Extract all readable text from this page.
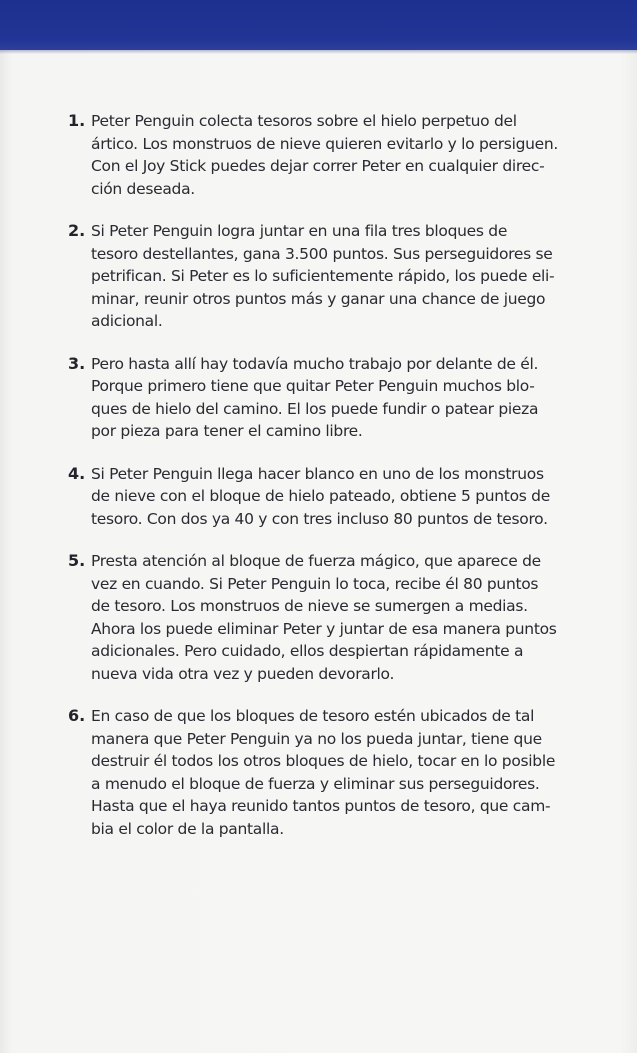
1. Peter Penguin colecta tesoros sobre el hielo perpetuo del
ártico. Los monstruos de nieve quieren evitarlo y lo persiguen.
Con el Joy Stick puedes dejar correr Peter en cualquier direc-
ción deseada.
2. Si Peter Penguin logra juntar en una fila tres bloques de
tesoro destellantes, gana 3.500 puntos. Sus perseguidores se
petrifican. Si Peter es lo suficientemente rápido, los puede eli-
minar, reunir otros puntos más y ganar una chance de juego
adicional.
3. Pero hasta allí hay todavía mucho trabajo por delante de él.
Porque primero tiene que quitar Peter Penguin muchos blo-
ques de hielo del camino. El los puede fundir o patear pieza
por pieza para tener el camino libre.
4. Si Peter Penguin llega hacer blanco en uno de los monstruos
de nieve con el bloque de hielo pateado, obtiene 5 puntos de
tesoro. Con dos ya 40 y con tres incluso 80 puntos de tesoro.
5. Presta atención al bloque de fuerza mágico, que aparece de
vez en cuando. Si Peter Penguin lo toca, recibe él 80 puntos
de tesoro. Los monstruos de nieve se sumergen a medias.
Ahora los puede eliminar Peter y juntar de esa manera puntos
adicionales. Pero cuidado, ellos despiertan rápidamente a
nueva vida otra vez y pueden devorarlo.
6. En caso de que los bloques de tesoro estén ubicados de tal
manera que Peter Penguin ya no los pueda juntar, tiene que
destruir él todos los otros bloques de hielo, tocar en lo posible
a menudo el bloque de fuerza y eliminar sus perseguidores.
Hasta que el haya reunido tantos puntos de tesoro, que cam-
bia el color de la pantalla.
